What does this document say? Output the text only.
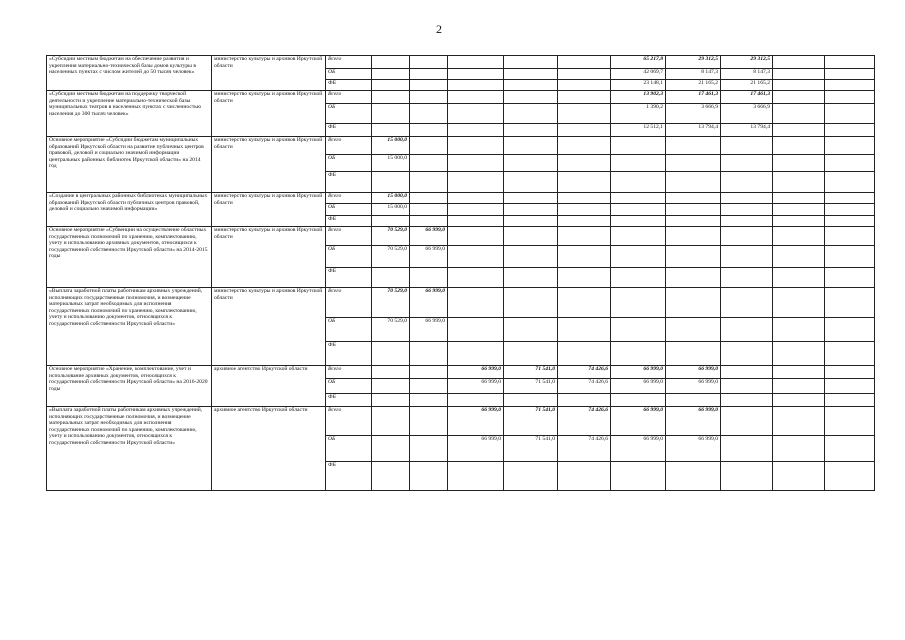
2
«Субсидии местным бюджетам на обеспечение развития и укрепления материально-технической базы домов культуры в населенных пунктах с числом жителей до 50 тысяч человек»	министерство культуры и архивов Иркутской области	Всего						65 217,8	29 312,5	29 312,5		
		ОБ						42 069,7	8 147,3	8 147,3		
		ФБ						23 148,1	21 165,2	21 165,2		
«Субсидии местным бюджетам на поддержку творческой деятельности и укрепление материально-технической базы муниципальных театров в населенных пунктах с численностью населения до 300 тысяч человек»	министерство культуры и архивов Иркутской области	Всего						13 902,3	17 461,3	17 461,3		
		ОБ						1 390,2	3 666,9	3 666,9		
		ФБ						12 512,1	13 794,4	13 794,4		
Основное мероприятие «Субсидии бюджетам муниципальных образований Иркутской области на развитие публичных центров правовой, деловой и социально значимой информации центральных районных библиотек Иркутской области» на 2014 год	министерство культуры и архивов Иркутской области	Всего	15 000,0									
		ОБ	15 000,0									
		ФБ										
«Создание в центральных районных библиотеках муниципальных образований Иркутской области публичных центров правовой, деловой и социально значимой информации»	министерство культуры и архивов Иркутской области	Всего	15 000,0									
		ОБ	15 000,0									
		ФБ										
Основное мероприятие «Субвенции на осуществление областных государственных полномочий по хранению, комплектованию, учету и использованию архивных документов, относящихся к государственной собственности Иркутской области» на 2014-2015 годы	министерство культуры и архивов Иркутской области	Всего	70 529,0	66 999,0								
		ОБ	70 529,0	66 999,0								
		ФБ										
«Выплата заработной платы работникам архивных учреждений, исполняющих государственные полномочия, и возмещение материальных затрат необходимых для исполнения государственных полномочий по хранению, комплектованию, учету и использованию документов, относящихся к государственной собственности Иркутской области»	министерство культуры и архивов Иркутской области	Всего	70 529,0	66 999,0								
		ОБ	70 529,0	66 999,0								
		ФБ										
Основное мероприятие «Хранение, комплектование, учет и использование архивных документов, относящихся к государственной собственности Иркутской области» на 2016-2020 годы	архивное агентство Иркутской области	Всего			66 999,0	71 541,0	74 426,6	66 999,0	66 999,0			
		ОБ			66 999,0	71 541,0	74 426,6	66 999,0	66 999,0			
		ФБ										
«Выплата заработной платы работникам архивных учреждений, исполняющих государственные полномочия, и возмещение материальных затрат необходимых для исполнения государственных полномочий по хранению, комплектованию, учету и использованию документов, относящихся к государственной собственности Иркутской области»	архивное агентство Иркутской области	Всего			66 999,0	71 541,0	74 426,6	66 999,0	66 999,0			
		ОБ			66 999,0	71 541,0	74 426,6	66 999,0	66 999,0			
		ФБ										
